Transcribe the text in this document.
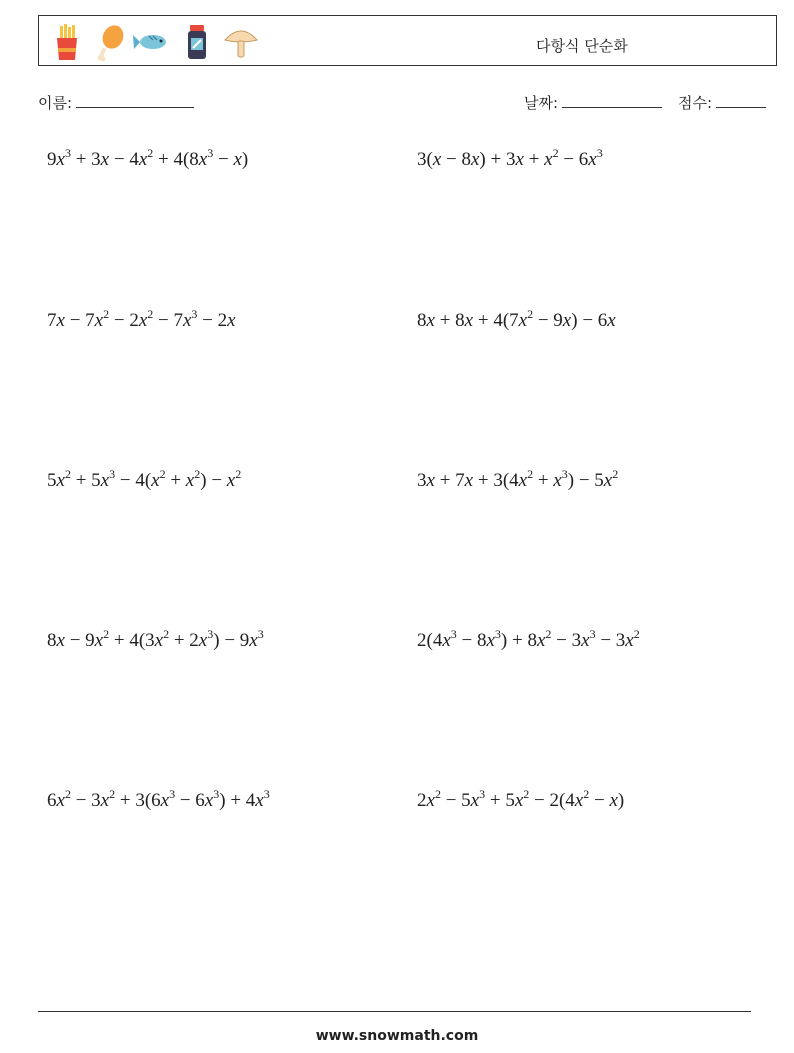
다항식 단순화
이름:	날짜:	점수:
$9x^3 + 3x - 4x^2 + 4(8x^3 - x)$	$3(x - 8x) + 3x + x^2 - 6x^3$
$7x - 7x^2 - 2x^2 - 7x^3 - 2x$	$8x + 8x + 4(7x^2 - 9x) - 6x$
$5x^2 + 5x^3 - 4(x^2 + x^2) - x^2$	$3x + 7x + 3(4x^2 + x^3) - 5x^2$
$8x - 9x^2 + 4(3x^2 + 2x^3) - 9x^3$	$2(4x^3 - 8x^3) + 8x^2 - 3x^3 - 3x^2$
$6x^2 - 3x^2 + 3(6x^3 - 6x^3) + 4x^3$	$2x^2 - 5x^3 + 5x^2 - 2(4x^2 - x)$
www.snowmath.com
